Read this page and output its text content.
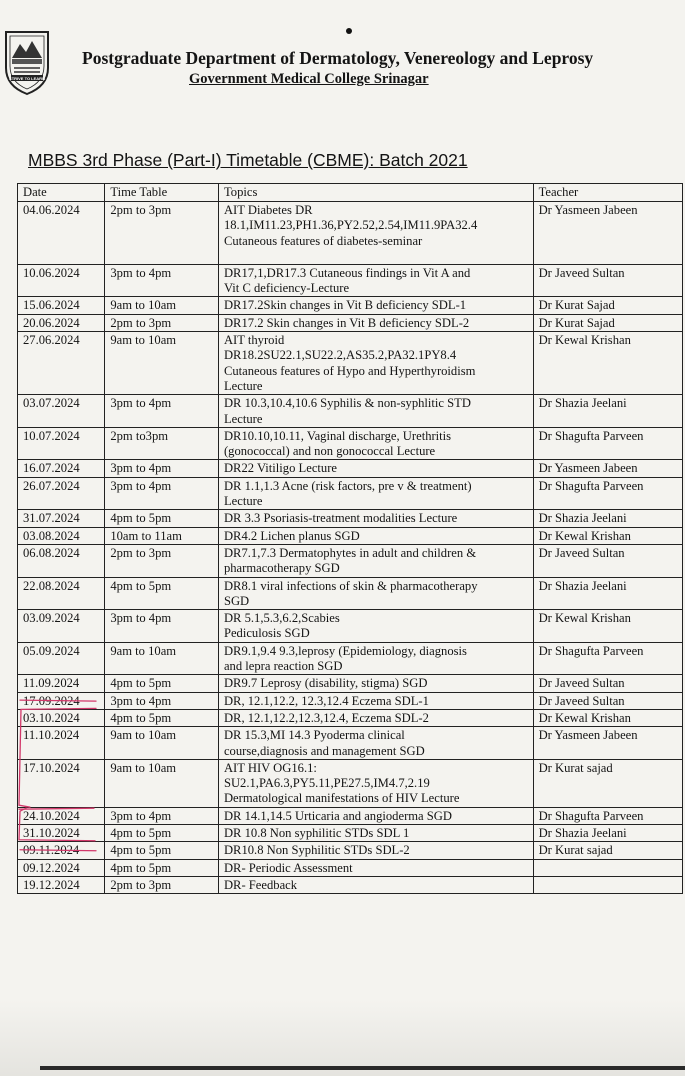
STRIVE TO LEARN
Postgraduate Department of Dermatology, Venereology and Leprosy
Government Medical College Srinagar
MBBS 3rd Phase (Part-I) Timetable (CBME): Batch 2021
Date	Time Table	Topics	Teacher
04.06.2024	2pm to 3pm	AIT Diabetes DR
18.1,IM11.23,PH1.36,PY2.52,2.54,IM11.9PA32.4
Cutaneous features of diabetes-seminar	Dr Yasmeen Jabeen
10.06.2024	3pm to 4pm	DR17,1,DR17.3 Cutaneous findings in Vit A and
Vit C deficiency-Lecture	Dr Javeed Sultan
15.06.2024	9am to 10am	DR17.2Skin changes in Vit B deficiency SDL-1	Dr Kurat Sajad
20.06.2024	2pm to 3pm	DR17.2 Skin changes in Vit B deficiency SDL-2	Dr Kurat Sajad
27.06.2024	9am to 10am	AIT thyroid
DR18.2SU22.1,SU22.2,AS35.2,PA32.1PY8.4
Cutaneous features of Hypo and Hyperthyroidism
Lecture	Dr Kewal Krishan
03.07.2024	3pm to 4pm	DR 10.3,10.4,10.6 Syphilis & non-syphlitic STD
Lecture	Dr Shazia Jeelani
10.07.2024	2pm to3pm	DR10.10,10.11, Vaginal discharge, Urethritis
(gonococcal) and non gonococcal Lecture	Dr Shagufta Parveen
16.07.2024	3pm to 4pm	DR22 Vitiligo Lecture	Dr Yasmeen Jabeen
26.07.2024	3pm to 4pm	DR 1.1,1.3 Acne (risk factors, pre v & treatment)
Lecture	Dr Shagufta Parveen
31.07.2024	4pm to 5pm	DR 3.3 Psoriasis-treatment modalities Lecture	Dr Shazia Jeelani
03.08.2024	10am to 11am	DR4.2 Lichen planus SGD	Dr Kewal Krishan
06.08.2024	2pm to 3pm	DR7.1,7.3 Dermatophytes in adult and children &
pharmacotherapy SGD	Dr Javeed Sultan
22.08.2024	4pm to 5pm	DR8.1 viral infections of skin & pharmacotherapy
SGD	Dr Shazia Jeelani
03.09.2024	3pm to 4pm	DR 5.1,5.3,6.2,Scabies
Pediculosis SGD	Dr Kewal Krishan
05.09.2024	9am to 10am	DR9.1,9.4 9.3,leprosy (Epidemiology, diagnosis
and lepra reaction SGD	Dr Shagufta Parveen
11.09.2024	4pm to 5pm	DR9.7 Leprosy (disability, stigma) SGD	Dr Javeed Sultan
17.09.2024	3pm to 4pm	DR, 12.1,12.2, 12.3,12.4 Eczema SDL-1	Dr Javeed Sultan
03.10.2024	4pm to 5pm	DR, 12.1,12.2,12.3,12.4, Eczema SDL-2	Dr Kewal Krishan
11.10.2024	9am to 10am	DR 15.3,MI 14.3 Pyoderma clinical
course,diagnosis and management SGD	Dr Yasmeen Jabeen
17.10.2024	9am to 10am	AIT HIV OG16.1:
SU2.1,PA6.3,PY5.11,PE27.5,IM4.7,2.19
Dermatological manifestations of HIV Lecture	Dr Kurat sajad
24.10.2024	3pm to 4pm	DR 14.1,14.5 Urticaria and angioderma SGD	Dr Shagufta Parveen
31.10.2024	4pm to 5pm	DR 10.8 Non syphilitic STDs SDL 1	Dr Shazia Jeelani
09.11.2024	4pm to 5pm	DR10.8 Non Syphilitic STDs SDL-2	Dr Kurat sajad
09.12.2024	4pm to 5pm	DR- Periodic Assessment	

19.12.2024	2pm to 3pm	DR- Feedback	
